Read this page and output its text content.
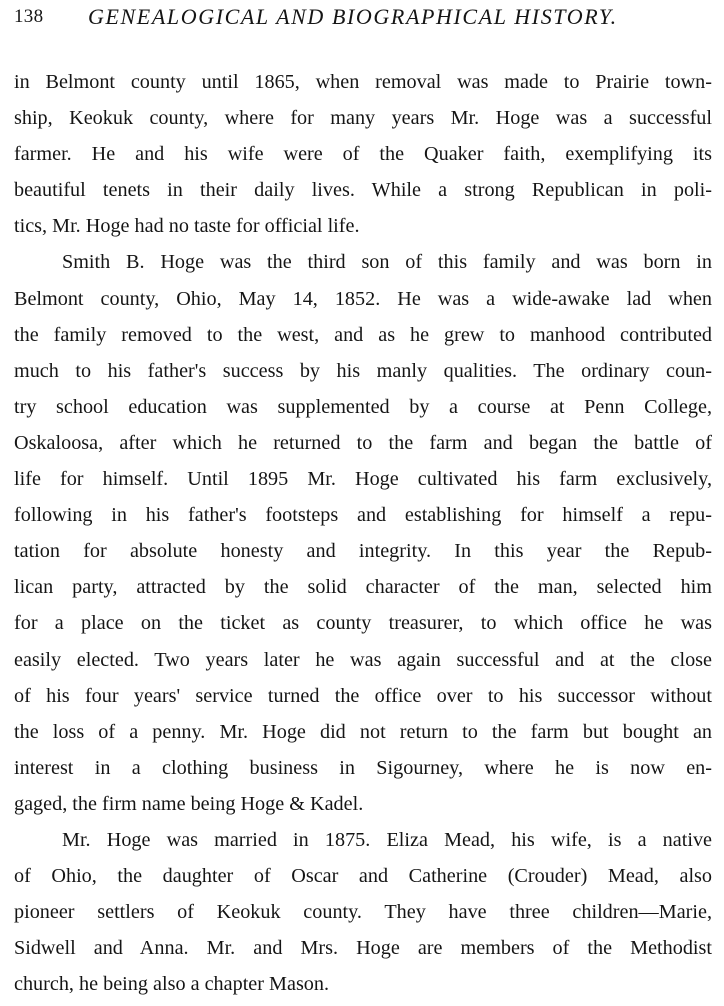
138 GENEALOGICAL AND BIOGRAPHICAL HISTORY.
in Belmont county until 1865, when removal was made to Prairie town-
ship, Keokuk county, where for many years Mr. Hoge was a successful
farmer. He and his wife were of the Quaker faith, exemplifying its
beautiful tenets in their daily lives. While a strong Republican in poli-
tics, Mr. Hoge had no taste for official life.
Smith B. Hoge was the third son of this family and was born in
Belmont county, Ohio, May 14, 1852. He was a wide-awake lad when
the family removed to the west, and as he grew to manhood contributed
much to his father's success by his manly qualities. The ordinary coun-
try school education was supplemented by a course at Penn College,
Oskaloosa, after which he returned to the farm and began the battle of
life for himself. Until 1895 Mr. Hoge cultivated his farm exclusively,
following in his father's footsteps and establishing for himself a repu-
tation for absolute honesty and integrity. In this year the Repub-
lican party, attracted by the solid character of the man, selected him
for a place on the ticket as county treasurer, to which office he was
easily elected. Two years later he was again successful and at the close
of his four years' service turned the office over to his successor without
the loss of a penny. Mr. Hoge did not return to the farm but bought an
interest in a clothing business in Sigourney, where he is now en-
gaged, the firm name being Hoge & Kadel.
Mr. Hoge was married in 1875. Eliza Mead, his wife, is a native
of Ohio, the daughter of Oscar and Catherine (Crouder) Mead, also
pioneer settlers of Keokuk county. They have three children—Marie,
Sidwell and Anna. Mr. and Mrs. Hoge are members of the Methodist
church, he being also a chapter Mason.
